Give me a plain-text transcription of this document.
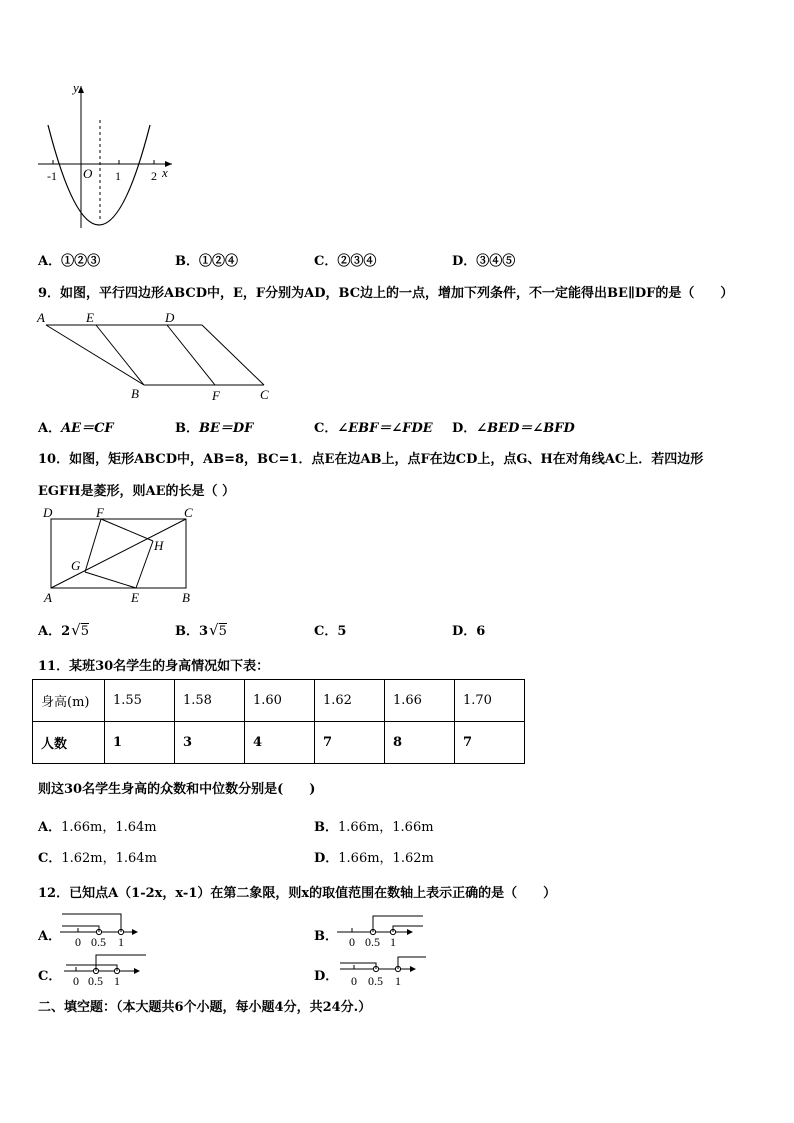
y
x
O
-1	1	2
A．①②③	B．①②④	C．②③④	D．③④⑤
9．如图，平行四边形ABCD中，E，F分别为AD，BC边上的一点，增加下列条件，不一定能得出BE∥DF的是（　　）
A	E	D
B	F	C
A．AE＝CF	B．BE＝DF	C．∠EBF＝∠FDE D．∠BED＝∠BFD
10．如图，矩形ABCD中，AB=8，BC=1．点E在边AB上，点F在边CD上，点G、H在对角线AC上．若四边形
EGFH是菱形，则AE的长是（ ）
D	F	C
H
G
A	E	B
A．2√5	B．3√5	C．5	D．6
11．某班30名学生的身高情况如下表：
身高(m)	1.55	1.58	1.60	1.62	1.66	1.70
人数	1	3	4	7	8	7
则这30名学生身高的众数和中位数分别是(　　)
A．1.66m，1.64m	B．1.66m，1.66m
C．1.62m，1.64m	D．1.66m，1.62m
12．已知点A（1-2x，x-1）在第二象限，则x的取值范围在数轴上表示正确的是（　　）
A． 0 0.5 1	B． 0 0.5 1
C． 0 0.5 1	D． 0 0.5 1
二、填空题：（本大题共6个小题，每小题4分，共24分.）
